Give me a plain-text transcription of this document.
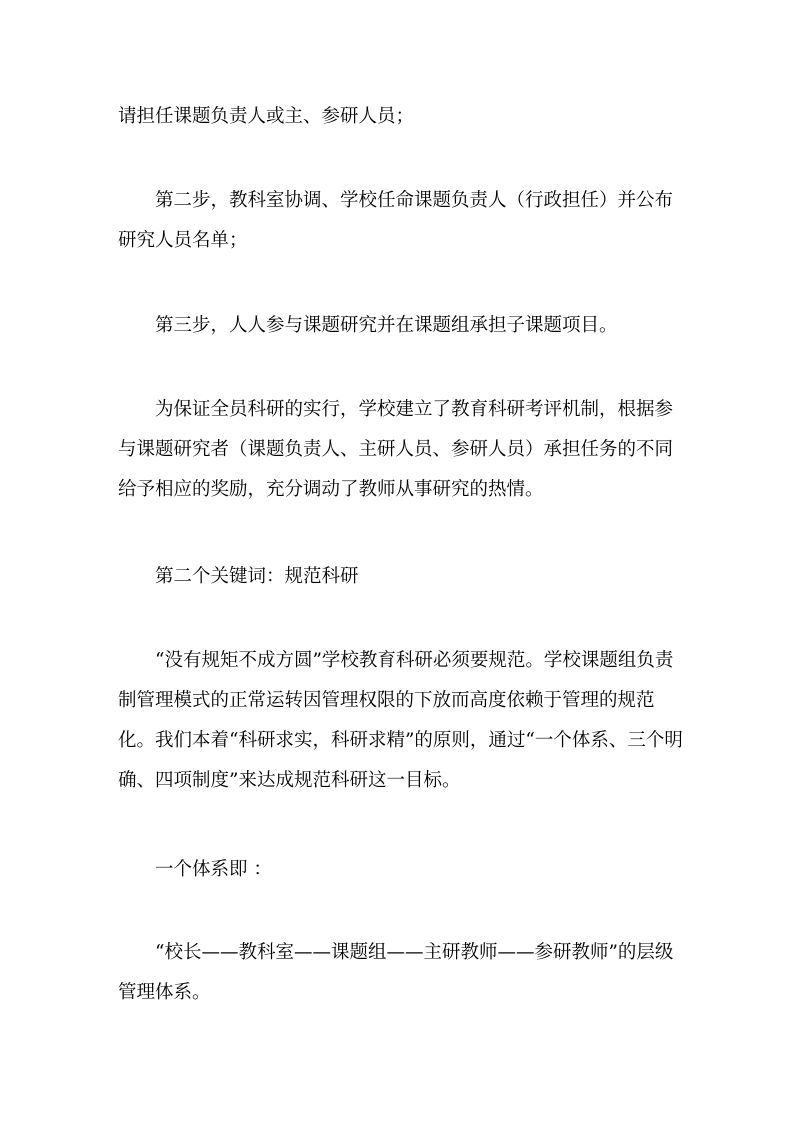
请担任课题负责人或主、参研人员；

第二步，教科室协调、学校任命课题负责人（行政担任）并公布研究人员名单；

第三步，人人参与课题研究并在课题组承担子课题项目。

为保证全员科研的实行，学校建立了教育科研考评机制，根据参与课题研究者（课题负责人、主研人员、参研人员）承担任务的不同给予相应的奖励，充分调动了教师从事研究的热情。

第二个关键词：规范科研

“没有规矩不成方圆”学校教育科研必须要规范。学校课题组负责制管理模式的正常运转因管理权限的下放而高度依赖于管理的规范化。我们本着“科研求实，科研求精”的原则，通过“一个体系、三个明确、四项制度”来达成规范科研这一目标。

一个体系即 ：

“校长——教科室——课题组——主研教师——参研教师”的层级管理体系。
